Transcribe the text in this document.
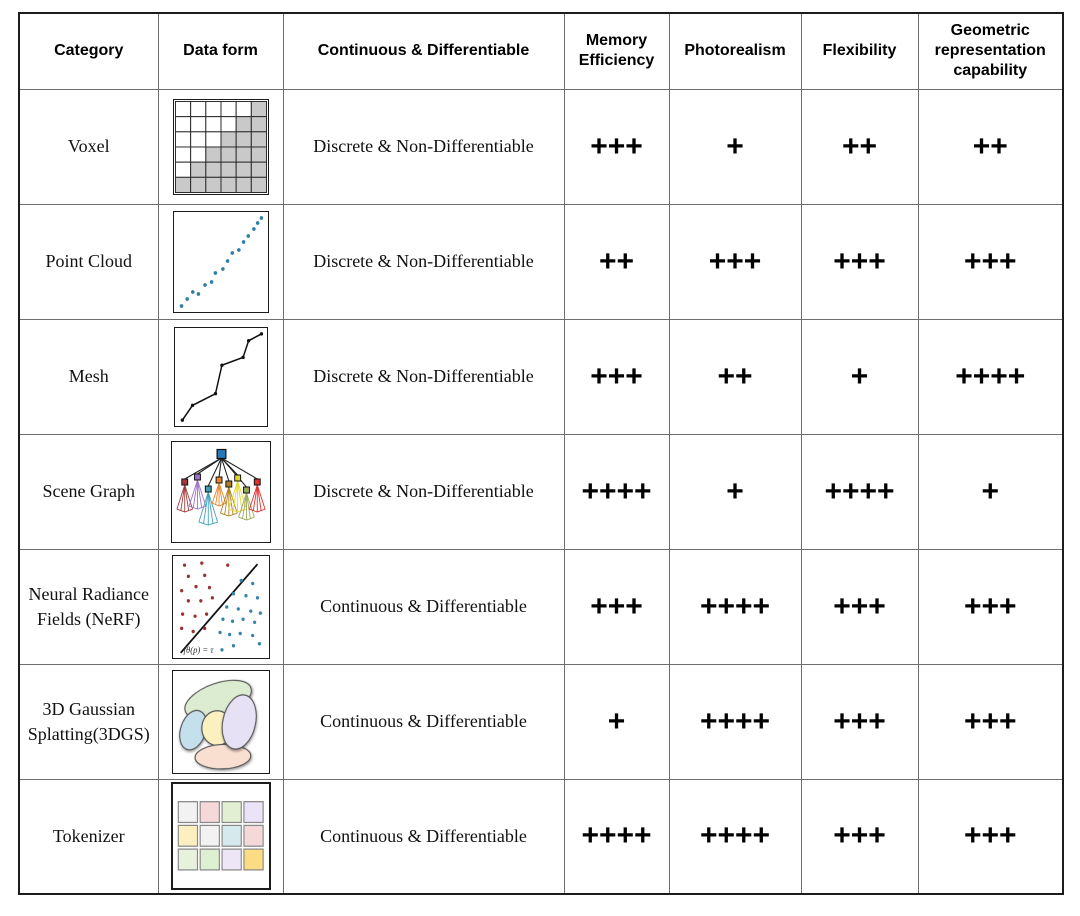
Category	Data form	Continuous & Differentiable	Memory Efficiency	Photorealism	Flexibility	Geometric representation capability
Voxel		Discrete & Non-Differentiable	+++	+	++	++
Point Cloud		Discrete & Non-Differentiable	++	+++	+++	+++
Mesh		Discrete & Non-Differentiable	+++	++	+	++++
Scene Graph		Discrete & Non-Differentiable	++++	+	++++	+
Neural Radiance Fields (NeRF)	fθ(p) = τ	Continuous & Differentiable	+++	++++	+++	+++
3D Gaussian Splatting(3DGS)		Continuous & Differentiable	+	++++	+++	+++
Tokenizer		Continuous & Differentiable	++++	++++	+++	+++
